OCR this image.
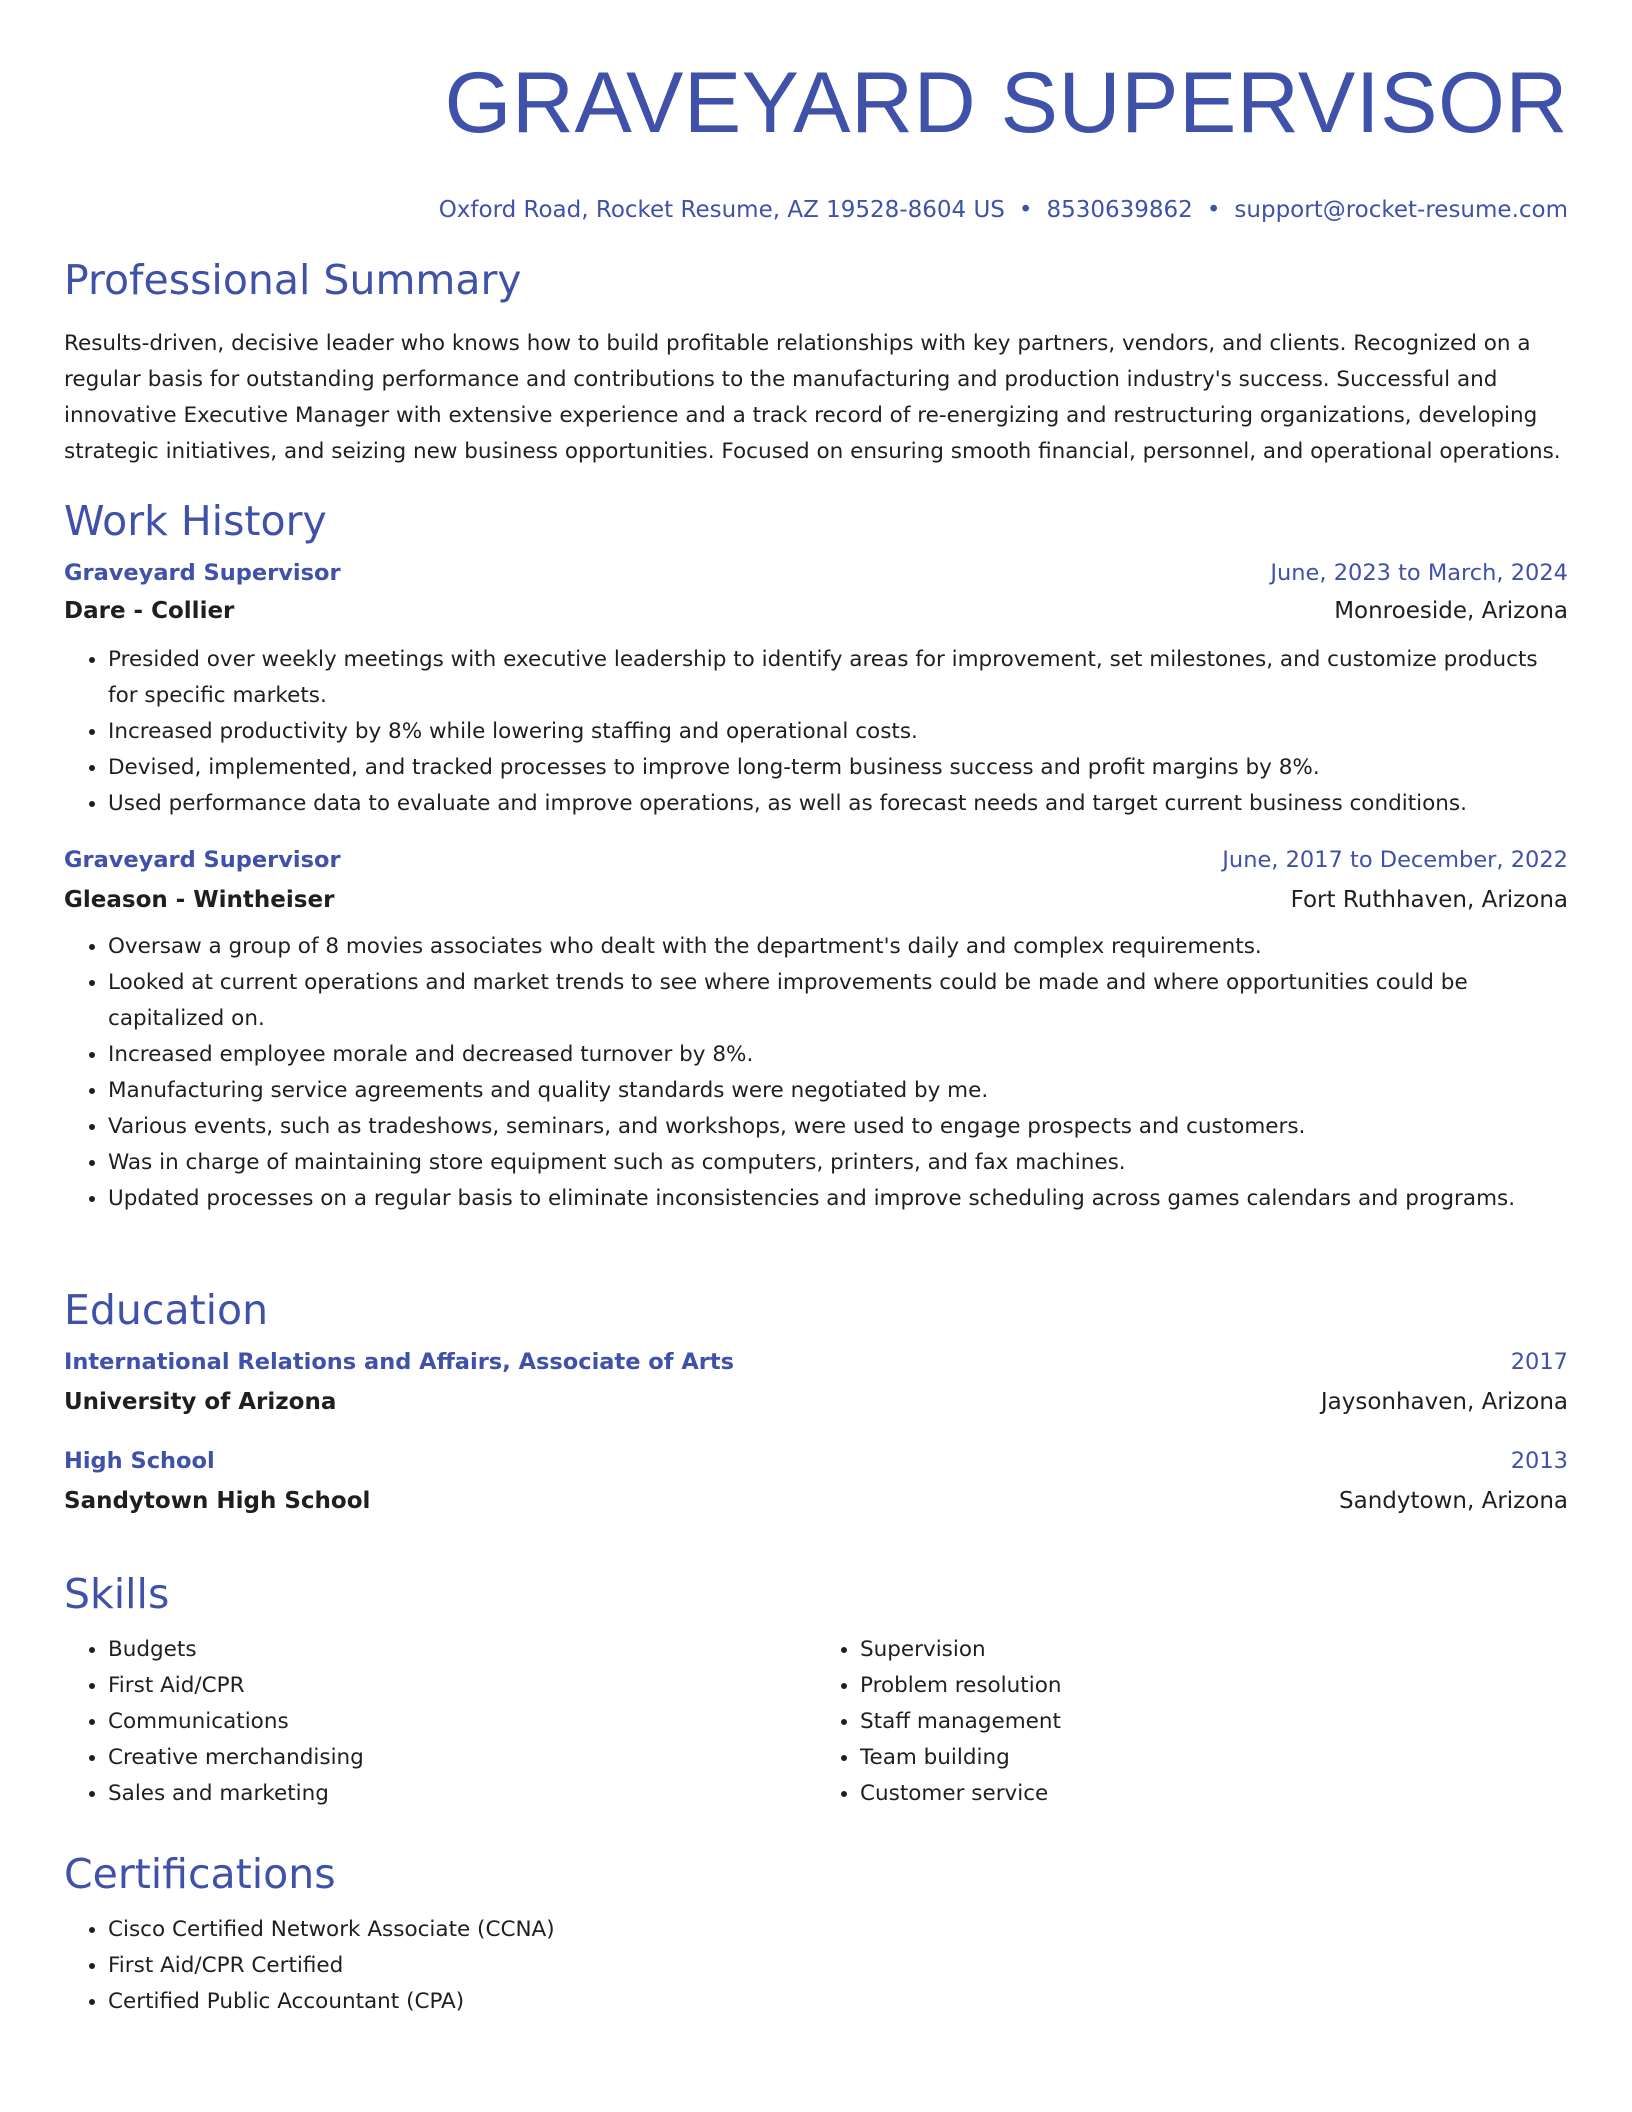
GRAVEYARD SUPERVISOR
Oxford Road, Rocket Resume, AZ 19528-8604 US • 8530639862 • support@rocket-resume.com
Professional Summary

Results-driven, decisive leader who knows how to build profitable relationships with key partners, vendors, and clients. Recognized on a regular basis for outstanding performance and contributions to the manufacturing and production industry's success. Successful and innovative Executive Manager with extensive experience and a track record of re-energizing and restructuring organizations, developing strategic initiatives, and seizing new business opportunities. Focused on ensuring smooth financial, personnel, and operational operations.

Work History
Graveyard Supervisor	June, 2023 to March, 2024
Dare - Collier	Monroeside, Arizona
• Presided over weekly meetings with executive leadership to identify areas for improvement, set milestones, and customize products for specific markets.
• Increased productivity by 8% while lowering staffing and operational costs.
• Devised, implemented, and tracked processes to improve long-term business success and profit margins by 8%.
• Used performance data to evaluate and improve operations, as well as forecast needs and target current business conditions.
Graveyard Supervisor	June, 2017 to December, 2022
Gleason - Wintheiser	Fort Ruthhaven, Arizona
• Oversaw a group of 8 movies associates who dealt with the department's daily and complex requirements.
• Looked at current operations and market trends to see where improvements could be made and where opportunities could be capitalized on.
• Increased employee morale and decreased turnover by 8%.
• Manufacturing service agreements and quality standards were negotiated by me.
• Various events, such as tradeshows, seminars, and workshops, were used to engage prospects and customers.
• Was in charge of maintaining store equipment such as computers, printers, and fax machines.
• Updated processes on a regular basis to eliminate inconsistencies and improve scheduling across games calendars and programs.
Education
International Relations and Affairs, Associate of Arts	2017
University of Arizona	Jaysonhaven, Arizona
High School	2013
Sandytown High School	Sandytown, Arizona
Skills
• Budgets
• First Aid/CPR
• Communications
• Creative merchandising
• Sales and marketing
• Supervision
• Problem resolution
• Staff management
• Team building
• Customer service
Certifications
• Cisco Certified Network Associate (CCNA)
• First Aid/CPR Certified
• Certified Public Accountant (CPA)
